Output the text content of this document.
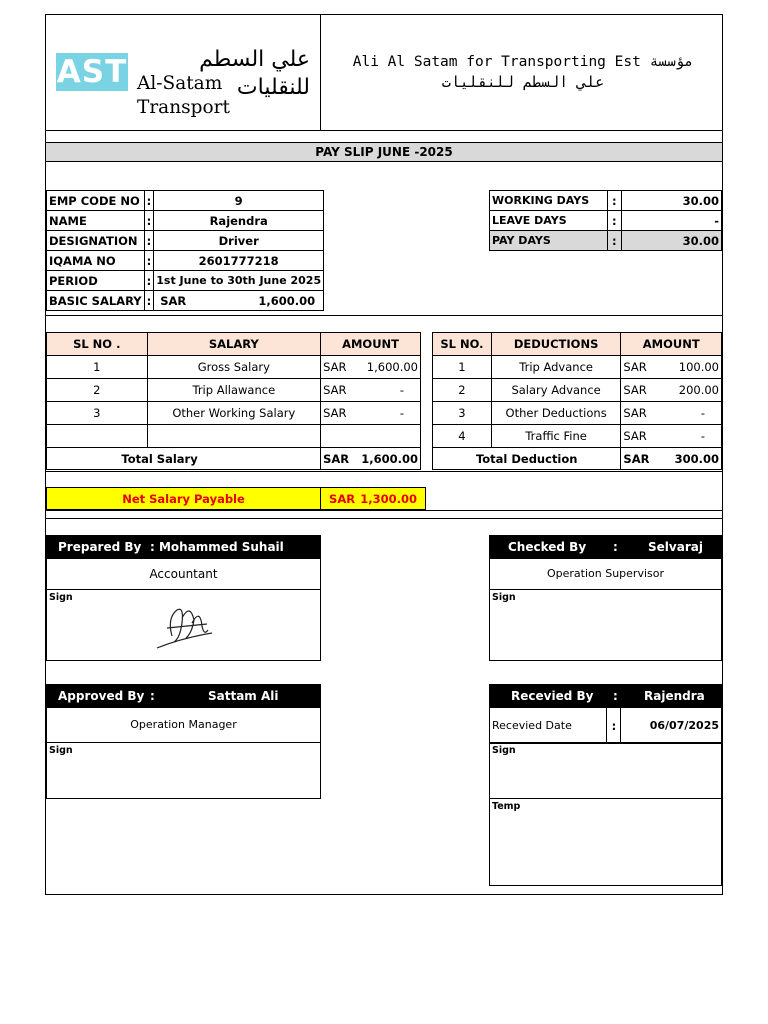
AST	علي السطم للنقليات
Al-Satam Transport
Ali Al Satam for Transporting Est مؤسسة
علي السطم للنقليات
PAY SLIP JUNE -2025
EMP CODE NO	:	9
NAME	:	Rajendra
DESIGNATION	:	Driver
IQAMA NO	:	2601777218
PERIOD	:	1st June to 30th June 2025
BASIC SALARY	:	SAR 1,600.00
WORKING DAYS	:	30.00
LEAVE DAYS	:	-
PAY DAYS	:	30.00
SL NO .	SALARY	AMOUNT
1	Gross Salary	SAR 1,600.00

2	Trip Allawance	SAR -

3	Other Working Salary	SAR -

Total Salary		SAR 1,600.00
SL NO.	DEDUCTIONS	AMOUNT
1	Trip Advance	SAR 100.00

2	Salary Advance	SAR 200.00

3	Other Deductions	SAR -

4	Traffic Fine	SAR -

Total Deduction		SAR 300.00
Net Salary Payable	SAR 1,300.00
Prepared By : Mohammed Suhail
Accountant
Sign
Checked By :	Selvaraj
Operation Supervisor
Sign
Approved By :	Sattam Ali
Operation Manager
Sign
Recevied By : Rajendra
Recevied Date	:	06/07/2025
Sign
Temp
